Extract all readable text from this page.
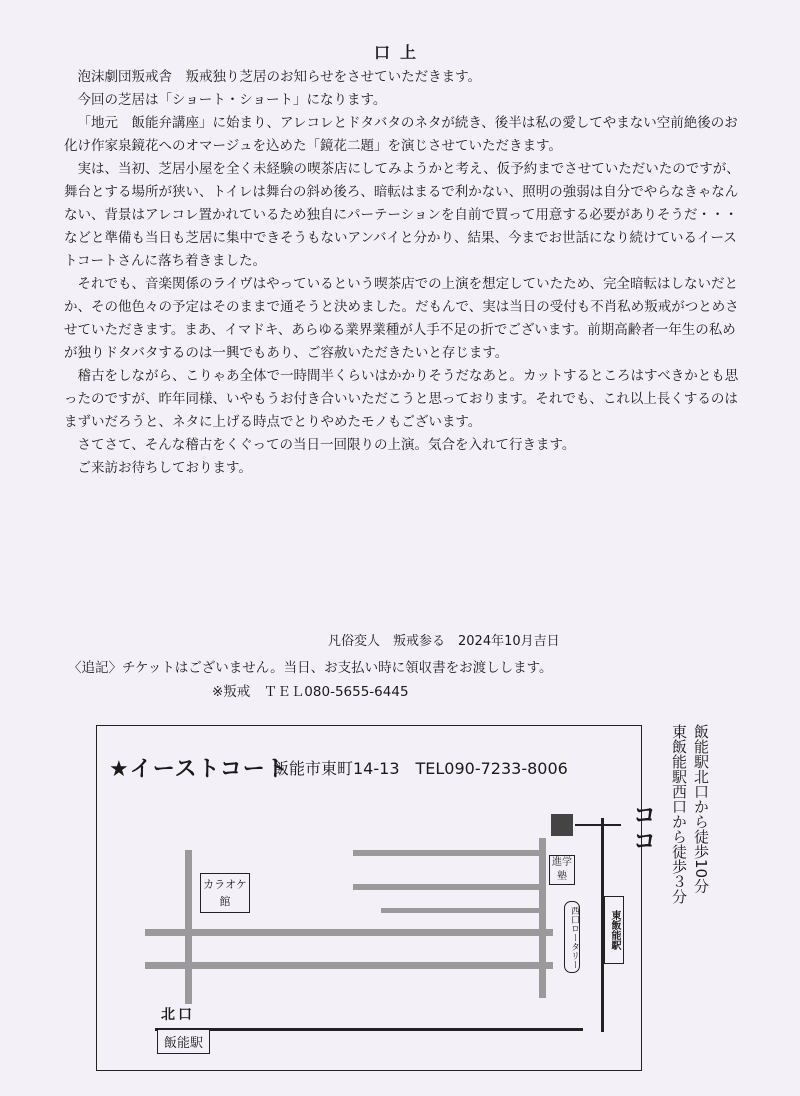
口上

泡沫劇団叛戒舎　叛戒独り芝居のお知らせをさせていただきます。

今回の芝居は「ショート・ショート」になります。

「地元　飯能弁講座」に始まり、アレコレとドタバタのネタが続き、後半は私の愛してやまない空前絶後のお化け作家泉鏡花へのオマージュを込めた「鏡花二題」を演じさせていただきます。

実は、当初、芝居小屋を全く未経験の喫茶店にしてみようかと考え、仮予約までさせていただいたのですが、舞台とする場所が狭い、トイレは舞台の斜め後ろ、暗転はまるで利かない、照明の強弱は自分でやらなきゃなんない、背景はアレコレ置かれているため独自にパーテーションを自前で買って用意する必要がありそうだ・・・などと準備も当日も芝居に集中できそうもないアンバイと分かり、結果、今までお世話になり続けているイーストコートさんに落ち着きました。

それでも、音楽関係のライヴはやっているという喫茶店での上演を想定していたため、完全暗転はしないだとか、その他色々の予定はそのままで通そうと決めました。だもんで、実は当日の受付も不肖私め叛戒がつとめさせていただきます。まあ、イマドキ、あらゆる業界業種が人手不足の折でございます。前期高齢者一年生の私めが独りドタバタするのは一興でもあり、ご容赦いただきたいと存じます。

稽古をしながら、こりゃあ全体で一時間半くらいはかかりそうだなあと。カットするところはすべきかとも思ったのですが、昨年同様、いやもうお付き合いいただこうと思っております。それでも、これ以上長くするのはまずいだろうと、ネタに上げる時点でとりやめたモノもございます。

さてさて、そんな稽古をくぐっての当日一回限りの上演。気合を入れて行きます。

ご来訪お待ちしております。

凡俗変人　叛戒参る　2024年10月吉日
〈追記〉チケットはございません。当日、お支払い時に領収書をお渡しします。
※叛戒　ＴＥＬ080-5655-6445
★イーストコート
飯能市東町14-13　TEL090-7233-8006
ココ
カラオケ館
進学塾
西口ロータリー	東飯能駅
北口
飯能駅
飯能駅北口から徒歩10分
東飯能駅西口から徒歩３分
